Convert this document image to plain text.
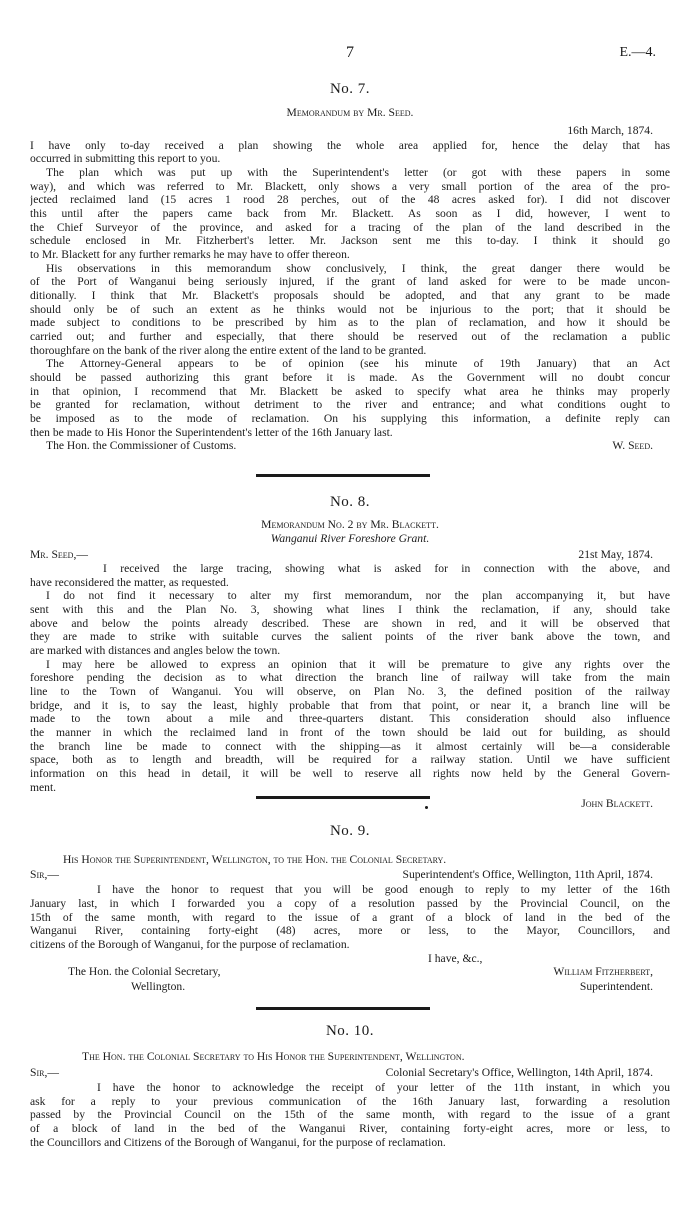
7	E.—4.
No. 7.
Memorandum by Mr. Seed.
16th March, 1874.
I have only to-day received a plan showing the whole area applied for, hence the delay that has
occurred in submitting this report to you.
The plan which was put up with the Superintendent's letter (or got with these papers in some
way), and which was referred to Mr. Blackett, only shows a very small portion of the area of the pro-
jected reclaimed land (15 acres 1 rood 28 perches, out of the 48 acres asked for). I did not discover
this until after the papers came back from Mr. Blackett. As soon as I did, however, I went to
the Chief Surveyor of the province, and asked for a tracing of the plan of the land described in the
schedule enclosed in Mr. Fitzherbert's letter. Mr. Jackson sent me this to-day. I think it should go
to Mr. Blackett for any further remarks he may have to offer thereon.
His observations in this memorandum show conclusively, I think, the great danger there would be
of the Port of Wanganui being seriously injured, if the grant of land asked for were to be made uncon-
ditionally. I think that Mr. Blackett's proposals should be adopted, and that any grant to be made
should only be of such an extent as he thinks would not be injurious to the port; that it should be
made subject to conditions to be prescribed by him as to the plan of reclamation, and how it should be
carried out; and further and especially, that there should be reserved out of the reclamation a public
thoroughfare on the bank of the river along the entire extent of the land to be granted.
The Attorney-General appears to be of opinion (see his minute of 19th January) that an Act
should be passed authorizing this grant before it is made. As the Government will no doubt concur
in that opinion, I recommend that Mr. Blackett be asked to specify what area he thinks may properly
be granted for reclamation, without detriment to the river and entrance; and what conditions ought to
be imposed as to the mode of reclamation. On his supplying this information, a definite reply can
then be made to His Honor the Superintendent's letter of the 16th January last.
The Hon. the Commissioner of Customs.	W. Seed.
No. 8.
Memorandum No. 2 by Mr. Blackett.
Wanganui River Foreshore Grant.
Mr. Seed,—	21st May, 1874.
I received the large tracing, showing what is asked for in connection with the above, and
have reconsidered the matter, as requested.
I do not find it necessary to alter my first memorandum, nor the plan accompanying it, but have
sent with this and the Plan No. 3, showing what lines I think the reclamation, if any, should take
above and below the points already described. These are shown in red, and it will be observed that
they are made to strike with suitable curves the salient points of the river bank above the town, and
are marked with distances and angles below the town.
I may here be allowed to express an opinion that it will be premature to give any rights over the
foreshore pending the decision as to what direction the branch line of railway will take from the main
line to the Town of Wanganui. You will observe, on Plan No. 3, the defined position of the railway
bridge, and it is, to say the least, highly probable that from that point, or near it, a branch line will be
made to the town about a mile and three-quarters distant. This consideration should also influence
the manner in which the reclaimed land in front of the town should be laid out for building, as should
the branch line be made to connect with the shipping—as it almost certainly will be—a considerable
space, both as to length and breadth, will be required for a railway station. Until we have sufficient
information on this head in detail, it will be well to reserve all rights now held by the General Govern-
ment.
John Blackett.
No. 9.
His Honor the Superintendent, Wellington, to the Hon. the Colonial Secretary.
Sir,—	Superintendent's Office, Wellington, 11th April, 1874.
I have the honor to request that you will be good enough to reply to my letter of the 16th
January last, in which I forwarded you a copy of a resolution passed by the Provincial Council, on the
15th of the same month, with regard to the issue of a grant of a block of land in the bed of the
Wanganui River, containing forty-eight (48) acres, more or less, to the Mayor, Councillors, and
citizens of the Borough of Wanganui, for the purpose of reclamation.
I have, &c.,
The Hon. the Colonial Secretary,	William Fitzherbert,
Wellington.	Superintendent.
No. 10.
The Hon. the Colonial Secretary to His Honor the Superintendent, Wellington.
Sir,—	Colonial Secretary's Office, Wellington, 14th April, 1874.
I have the honor to acknowledge the receipt of your letter of the 11th instant, in which you
ask for a reply to your previous communication of the 16th January last, forwarding a resolution
passed by the Provincial Council on the 15th of the same month, with regard to the issue of a grant
of a block of land in the bed of the Wanganui River, containing forty-eight acres, more or less, to
the Councillors and Citizens of the Borough of Wanganui, for the purpose of reclamation.
